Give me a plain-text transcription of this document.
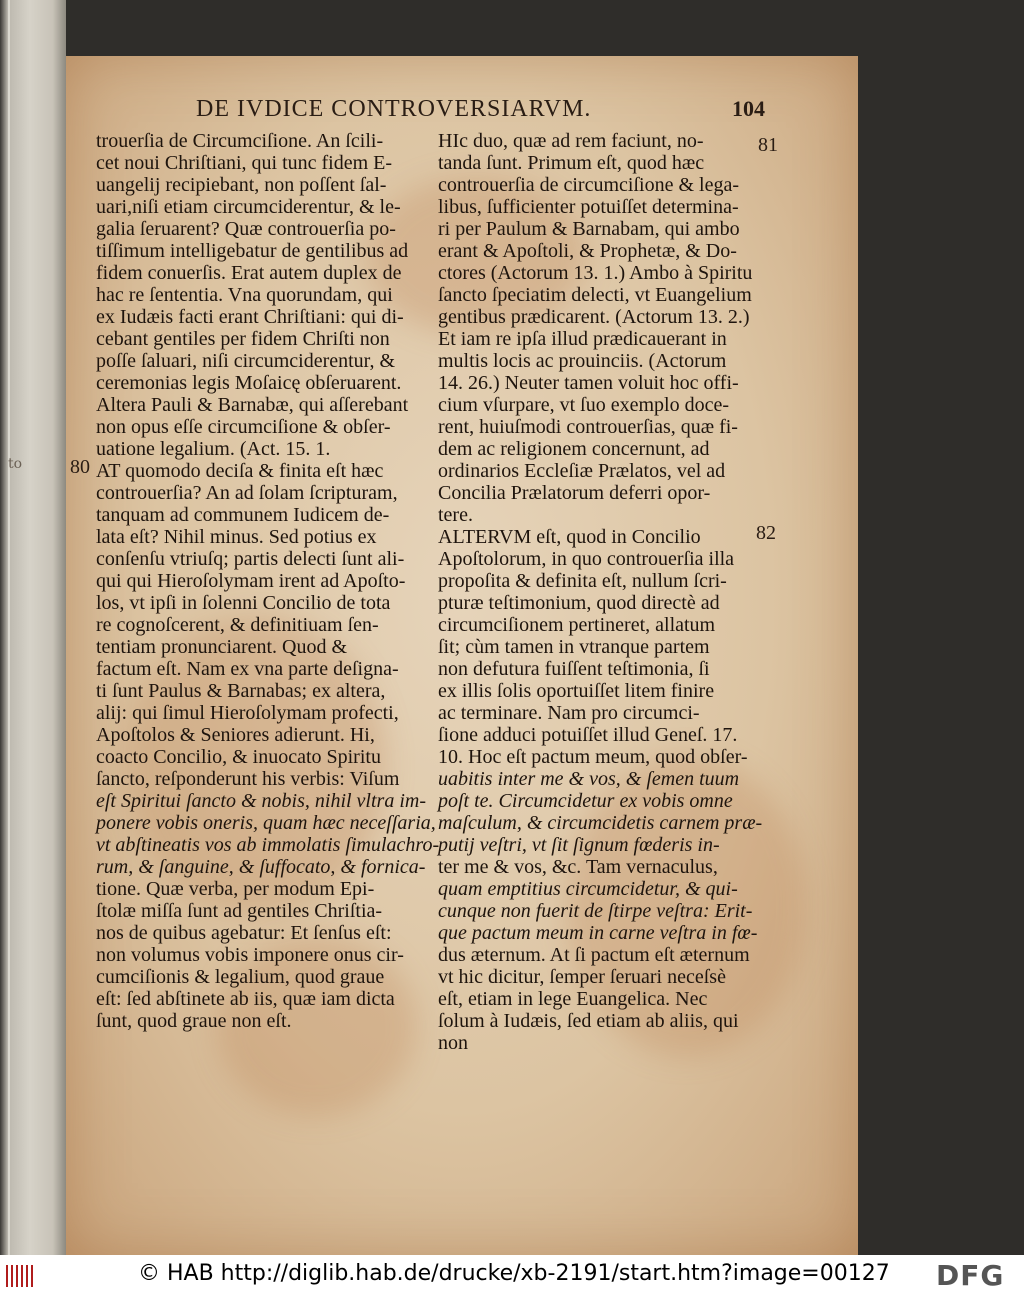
to
DE IVDICE CONTROVERSIARVM.	104
81
80
82
trouerſia de Circumciſione. An ſcili-
cet noui Chriſtiani, qui tunc fidem E-
uangelij recipiebant, non poſſent ſal-
uari,niſi etiam circumciderentur, & le-
galia ſeruarent? Quæ controuerſia po-
tiſſimum intelligebatur de gentilibus ad
fidem conuerſis. Erat autem duplex de
hac re ſententia. Vna quorundam, qui
ex Iudæis facti erant Chriſtiani: qui di-
cebant gentiles per fidem Chriſti non
poſſe ſaluari, niſi circumciderentur, &
ceremonias legis Moſaicę obſeruarent.
Altera Pauli & Barnabæ, qui aſſerebant
non opus eſſe circumciſione & obſer-
uatione legalium. (Act. 15. 1.
AT quomodo deciſa & finita eſt hæc
controuerſia? An ad ſolam ſcripturam,
tanquam ad communem Iudicem de-
lata eſt? Nihil minus. Sed potius ex
conſenſu vtriuſq; partis delecti ſunt ali-
qui qui Hieroſolymam irent ad Apoſto-
los, vt ipſi in ſolenni Concilio de tota
re cognoſcerent, & definitiuam ſen-
tentiam pronunciarent. Quod &
factum eſt. Nam ex vna parte deſigna-
ti ſunt Paulus & Barnabas; ex altera,
alij: qui ſimul Hieroſolymam profecti,
Apoſtolos & Seniores adierunt. Hi,
coacto Concilio, & inuocato Spiritu
ſancto, reſponderunt his verbis: Viſum
eſt Spiritui ſancto & nobis, nihil vltra im-
ponere vobis oneris, quam hæc neceſſaria,
vt abſtineatis vos ab immolatis ſimulachro-
rum, & ſanguine, & ſuffocato, & fornica-
tione. Quæ verba, per modum Epi-
ſtolæ miſſa ſunt ad gentiles Chriſtia-
nos de quibus agebatur: Et ſenſus eſt:
non volumus vobis imponere onus cir-
cumciſionis & legalium, quod graue
eſt: ſed abſtinete ab iis, quæ iam dicta
ſunt, quod graue non eſt.
HIc duo, quæ ad rem faciunt, no-
tanda ſunt. Primum eſt, quod hæc
controuerſia de circumciſione & lega-
libus, ſufficienter potuiſſet determina-
ri per Paulum & Barnabam, qui ambo
erant & Apoſtoli, & Prophetæ, & Do-
ctores (Actorum 13. 1.) Ambo à Spiritu
ſancto ſpeciatim delecti, vt Euangelium
gentibus prædicarent. (Actorum 13. 2.)
Et iam re ipſa illud prædicauerant in
multis locis ac prouinciis. (Actorum
14. 26.) Neuter tamen voluit hoc offi-
cium vſurpare, vt ſuo exemplo doce-
rent, huiuſmodi controuerſias, quæ fi-
dem ac religionem concernunt, ad
ordinarios Eccleſiæ Prælatos, vel ad
Concilia Prælatorum deferri opor-
tere.
ALTERVM eſt, quod in Concilio
Apoſtolorum, in quo controuerſia illa
propoſita & definita eſt, nullum ſcri-
pturæ teſtimonium, quod directè ad
circumciſionem pertineret, allatum
ſit; cùm tamen in vtranque partem
non defutura fuiſſent teſtimonia, ſi
ex illis ſolis oportuiſſet litem finire
ac terminare. Nam pro circumci-
ſione adduci potuiſſet illud Geneſ. 17.
10. Hoc eſt pactum meum, quod obſer-
uabitis inter me & vos, & ſemen tuum
poſt te. Circumcidetur ex vobis omne
maſculum, & circumcidetis carnem præ-
putij veſtri, vt ſit ſignum fœderis in-
ter me & vos, &c. Tam vernaculus,
quam emptitius circumcidetur, & qui-
cunque non fuerit de ſtirpe veſtra: Erit-
que pactum meum in carne veſtra in fœ-
dus æternum. At ſi pactum eſt æternum
vt hic dicitur, ſemper ſeruari neceſsè
eſt, etiam in lege Euangelica. Nec
ſolum à Iudæis, ſed etiam ab aliis, qui
non
© HAB http://diglib.hab.de/drucke/xb-2191/start.htm?image=00127 DFG
